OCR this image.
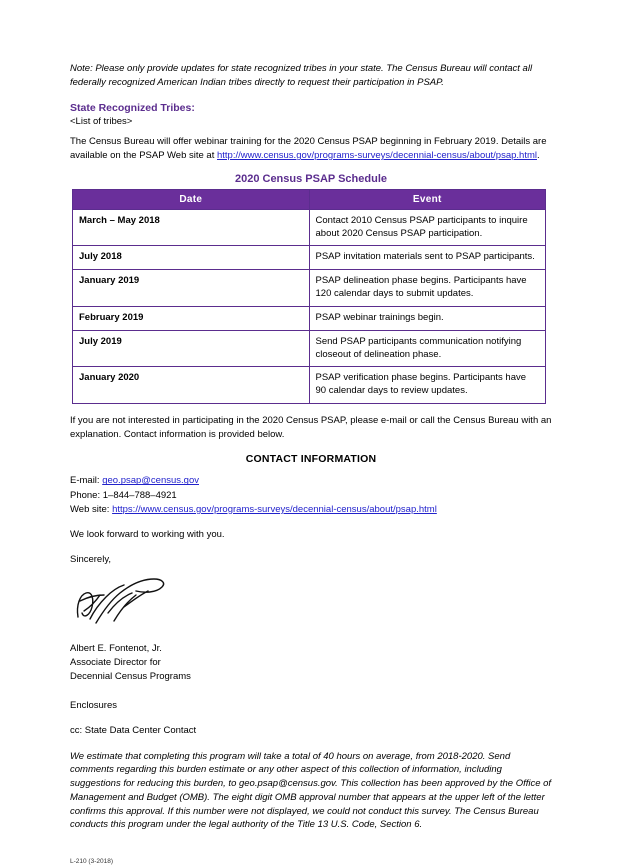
Note: Please only provide updates for state recognized tribes in your state. The Census Bureau will contact all federally recognized American Indian tribes directly to request their participation in PSAP.

State Recognized Tribes:

<List of tribes>

The Census Bureau will offer webinar training for the 2020 Census PSAP beginning in February 2019. Details are available on the PSAP Web site at http://www.census.gov/programs-surveys/decennial-census/about/psap.html.

2020 Census PSAP Schedule
Date	Event
March – May 2018	Contact 2010 Census PSAP participants to inquire about 2020 Census PSAP participation.
July 2018	PSAP invitation materials sent to PSAP participants.
January 2019	PSAP delineation phase begins. Participants have 120 calendar days to submit updates.
February 2019	PSAP webinar trainings begin.
July 2019	Send PSAP participants communication notifying closeout of delineation phase.
January 2020	PSAP verification phase begins. Participants have 90 calendar days to review updates.

If you are not interested in participating in the 2020 Census PSAP, please e-mail or call the Census Bureau with an explanation. Contact information is provided below.

CONTACT INFORMATION

E-mail: geo.psap@census.gov

Phone: 1–844–788–4921

Web site: https://www.census.gov/programs-surveys/decennial-census/about/psap.html

We look forward to working with you.

Sincerely,

Albert E. Fontenot, Jr.
Associate Director for
Decennial Census Programs

Enclosures

cc: State Data Center Contact

We estimate that completing this program will take a total of 40 hours on average, from 2018-2020. Send comments regarding this burden estimate or any other aspect of this collection of information, including suggestions for reducing this burden, to geo.psap@census.gov. This collection has been approved by the Office of Management and Budget (OMB). The eight digit OMB approval number that appears at the upper left of the letter confirms this approval. If this number were not displayed, we could not conduct this survey. The Census Bureau conducts this program under the legal authority of the Title 13 U.S. Code, Section 6.

L-210 (3-2018)
